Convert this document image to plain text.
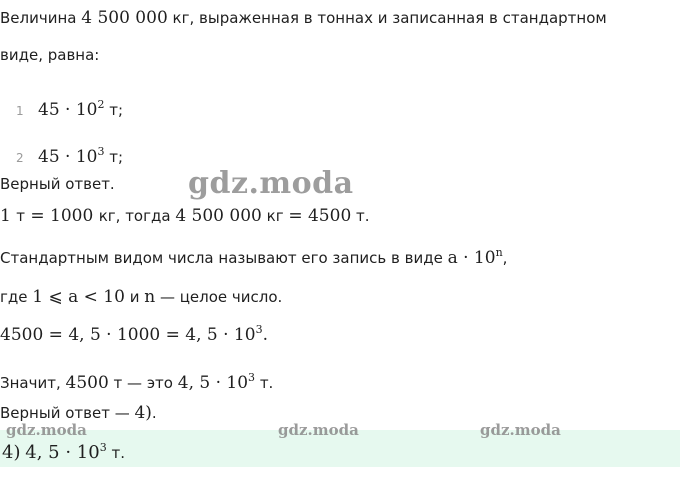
Величина 4 500 000 кг, выраженная в тоннах и записанная в стандартном
виде, равна:
1 $45 \cdot 10^2$ т;
2 $45 \cdot 10^3$ т;
Верный ответ. gdz.moda
1 т = 1000 кг, тогда 4 500 000 кг = 4500 т.
Стандартным видом числа называют его запись в виде $a \cdot 10^n$,
где 1 ⩽ a < 10 и n — целое число.
4500 = 4, 5 · 1000 = 4, $5 \cdot 10^3$.
Значит, 4500 т — это 4, $5 \cdot 10^3$ т.
Верный ответ — 4).
4) 4, $5 \cdot 10^3$ т.
gdz.moda	gdz.moda	gdz.moda
